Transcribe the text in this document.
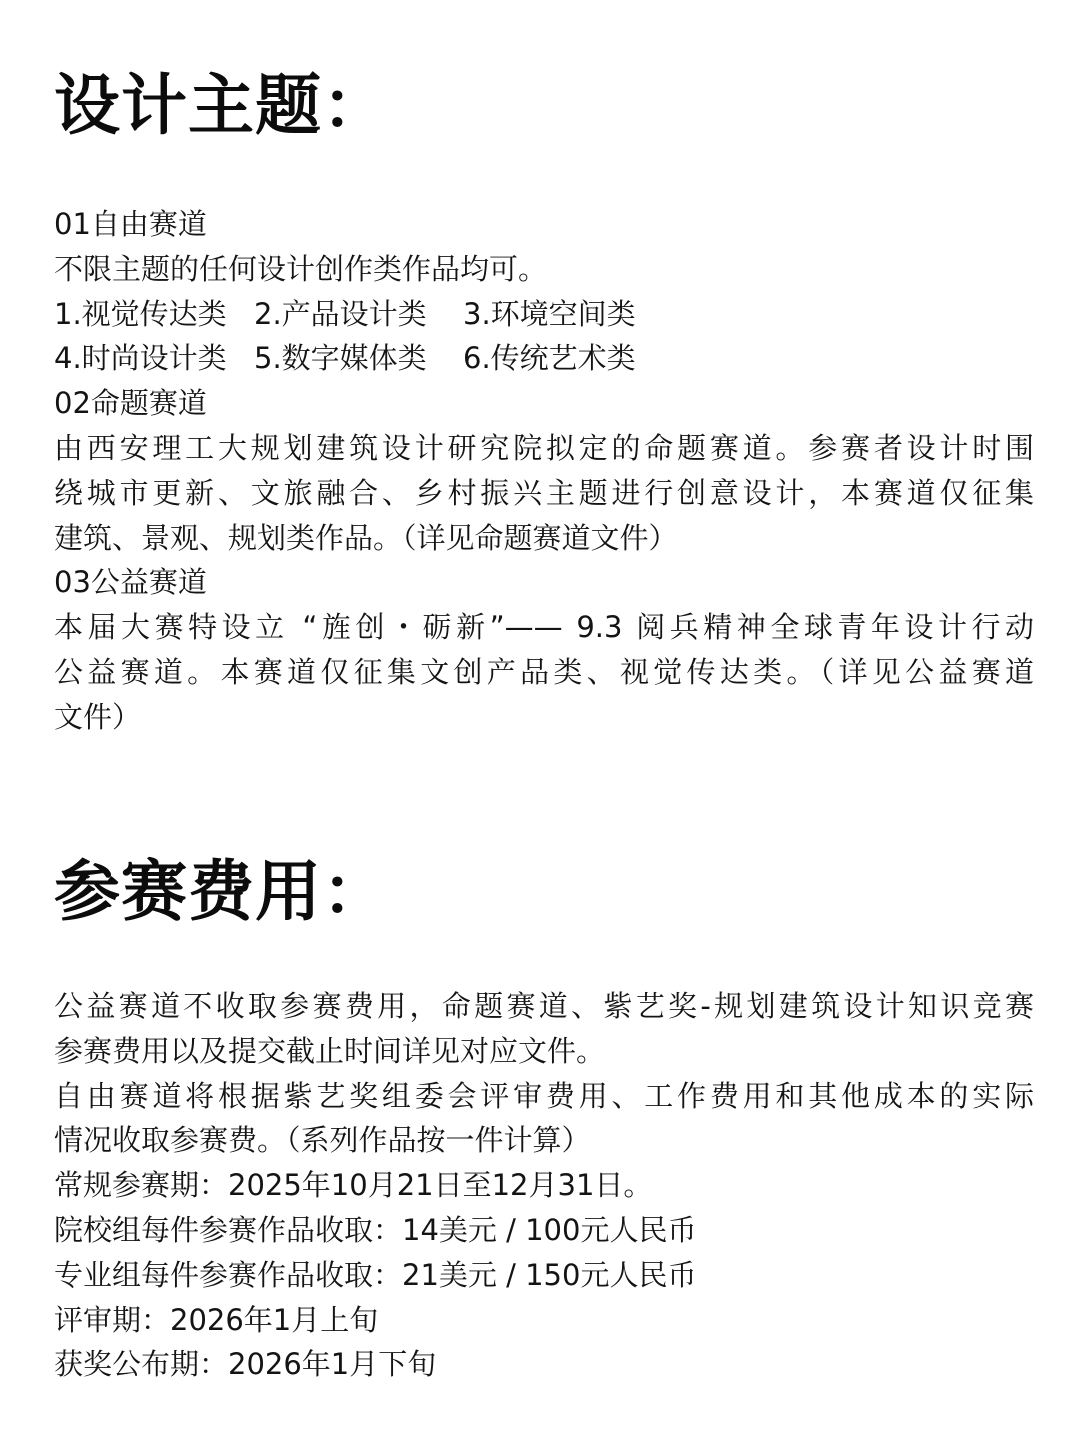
设计主题：
01自由赛道
不限主题的任何设计创作类作品均可。
1.视觉传达类 2.产品设计类	3.环境空间类
4.时尚设计类 5.数字媒体类	6.传统艺术类
02命题赛道
由西安理工大规划建筑设计研究院拟定的命题赛道。参赛者设计时围
绕城市更新、文旅融合、乡村振兴主题进行创意设计，本赛道仅征集
建筑、景观、规划类作品。（详见命题赛道文件）
03公益赛道
本届大赛特设立 “旌创・砺新”—— 9.3 阅兵精神全球青年设计行动
公益赛道。本赛道仅征集文创产品类、视觉传达类。（详见公益赛道
文件）
参赛费用：
公益赛道不收取参赛费用，命题赛道、紫艺奖-规划建筑设计知识竞赛
参赛费用以及提交截止时间详见对应文件。
自由赛道将根据紫艺奖组委会评审费用、工作费用和其他成本的实际
情况收取参赛费。（系列作品按一件计算）
常规参赛期：2025年10月21日至12月31日。
院校组每件参赛作品收取：14美元 / 100元人民币
专业组每件参赛作品收取：21美元 / 150元人民币
评审期：2026年1月上旬
获奖公布期：2026年1月下旬
